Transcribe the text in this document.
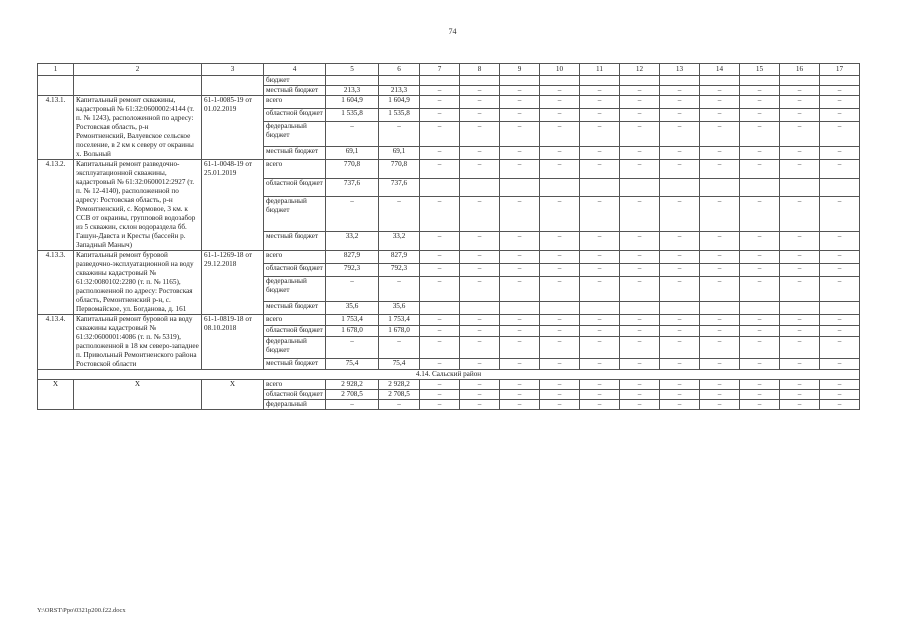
74
1	2	3	4	5	6	7	8	9	10	11	12	13	14	15	16	17
			бюджет													
			местный бюджет	213,3	213,3	–	–	–	–	–	–	–	–	–	–	–
4.13.1.	Капитальный ремонт скважины, кадастровый № 61:32:0600002:4144 (т. п. № 1243), расположенной по адресу: Ростовская область, р-н Ремонтненский, Валуевское сельское поселение, в 2 км к северу от окраины х. Вольный	61-1-0085-19 от 01.02.2019	всего	1 604,9	1 604,9	–	–	–	–	–	–	–	–	–	–	–
			областной бюджет	1 535,8	1 535,8	–	–	–	–	–	–	–	–	–	–	–
			федеральный бюджет	–	–	–	–	–	–	–	–	–	–	–	–	–
			местный бюджет	69,1	69,1	–	–	–	–	–	–	–	–	–	–	–
4.13.2.	Капитальный ремонт разведочно-эксплуатационной скважины, кадастровый № 61:32:0600012:2927 (т. п. № 12-4140), расположенной по адресу: Ростовская область, р-н Ремонтненский, с. Кормовое, 3 км. к ССВ от окраины, групповой водозабор из 5 скважин, склон водораздела бб. Гашун-Давста и Кресты (бассейн р. Западный Маныч)	61-1-0048-19 от 25.01.2019	всего	770,8	770,8	–	–	–	–	–	–	–	–	–	–	–
			областной бюджет	737,6	737,6											
			федеральный бюджет	–	–	–	–	–	–	–	–	–	–	–	–	–
			местный бюджет	33,2	33,2	–	–	–	–	–	–	–	–	–	–	–
4.13.3.	Капитальный ремонт буровой разведочно-эксплуатационной на воду скважины кадастровый № 61:32:0080102:2280 (т. п. № 1165), расположенной по адресу: Ростовская область, Ремонтненский р-н, с. Первомайское, ул. Богданова, д. 161	61-1-1269-18 от 29.12.2018	всего	827,9	827,9	–	–	–	–	–	–	–	–	–	–	–
			областной бюджет	792,3	792,3	–	–	–	–	–	–	–	–	–	–	–
			федеральный бюджет	–	–	–	–	–	–	–	–	–	–	–	–	–
			местный бюджет	35,6	35,6											
4.13.4.	Капитальный ремонт буровой на воду скважины кадастровый № 61:32:0600001:4086 (т. п. № 5319), расположенной в 18 км северо-западнее п. Привольный Ремонтненского района Ростовской области	61-1-0819-18 от 08.10.2018	всего	1 753,4	1 753,4	–	–	–	–	–	–	–	–	–	–	–
			областной бюджет	1 678,0	1 678,0	–	–	–	–	–	–	–	–	–	–	–
			федеральный бюджет	–	–	–	–	–	–	–	–	–	–	–	–	–
			местный бюджет	75,4	75,4	–	–	–	–	–	–	–	–	–	–	–
4.14. Сальский район																
Х	Х	Х	всего	2 928,2	2 928,2	–	–	–	–	–	–	–	–	–	–	–
			областной бюджет	2 708,5	2 708,5	–	–	–	–	–	–	–	–	–	–	–
			федеральный	–	–	–	–	–	–	–	–	–	–	–	–	–
Y:\ORST\Ppo\0321p200.f22.docx
